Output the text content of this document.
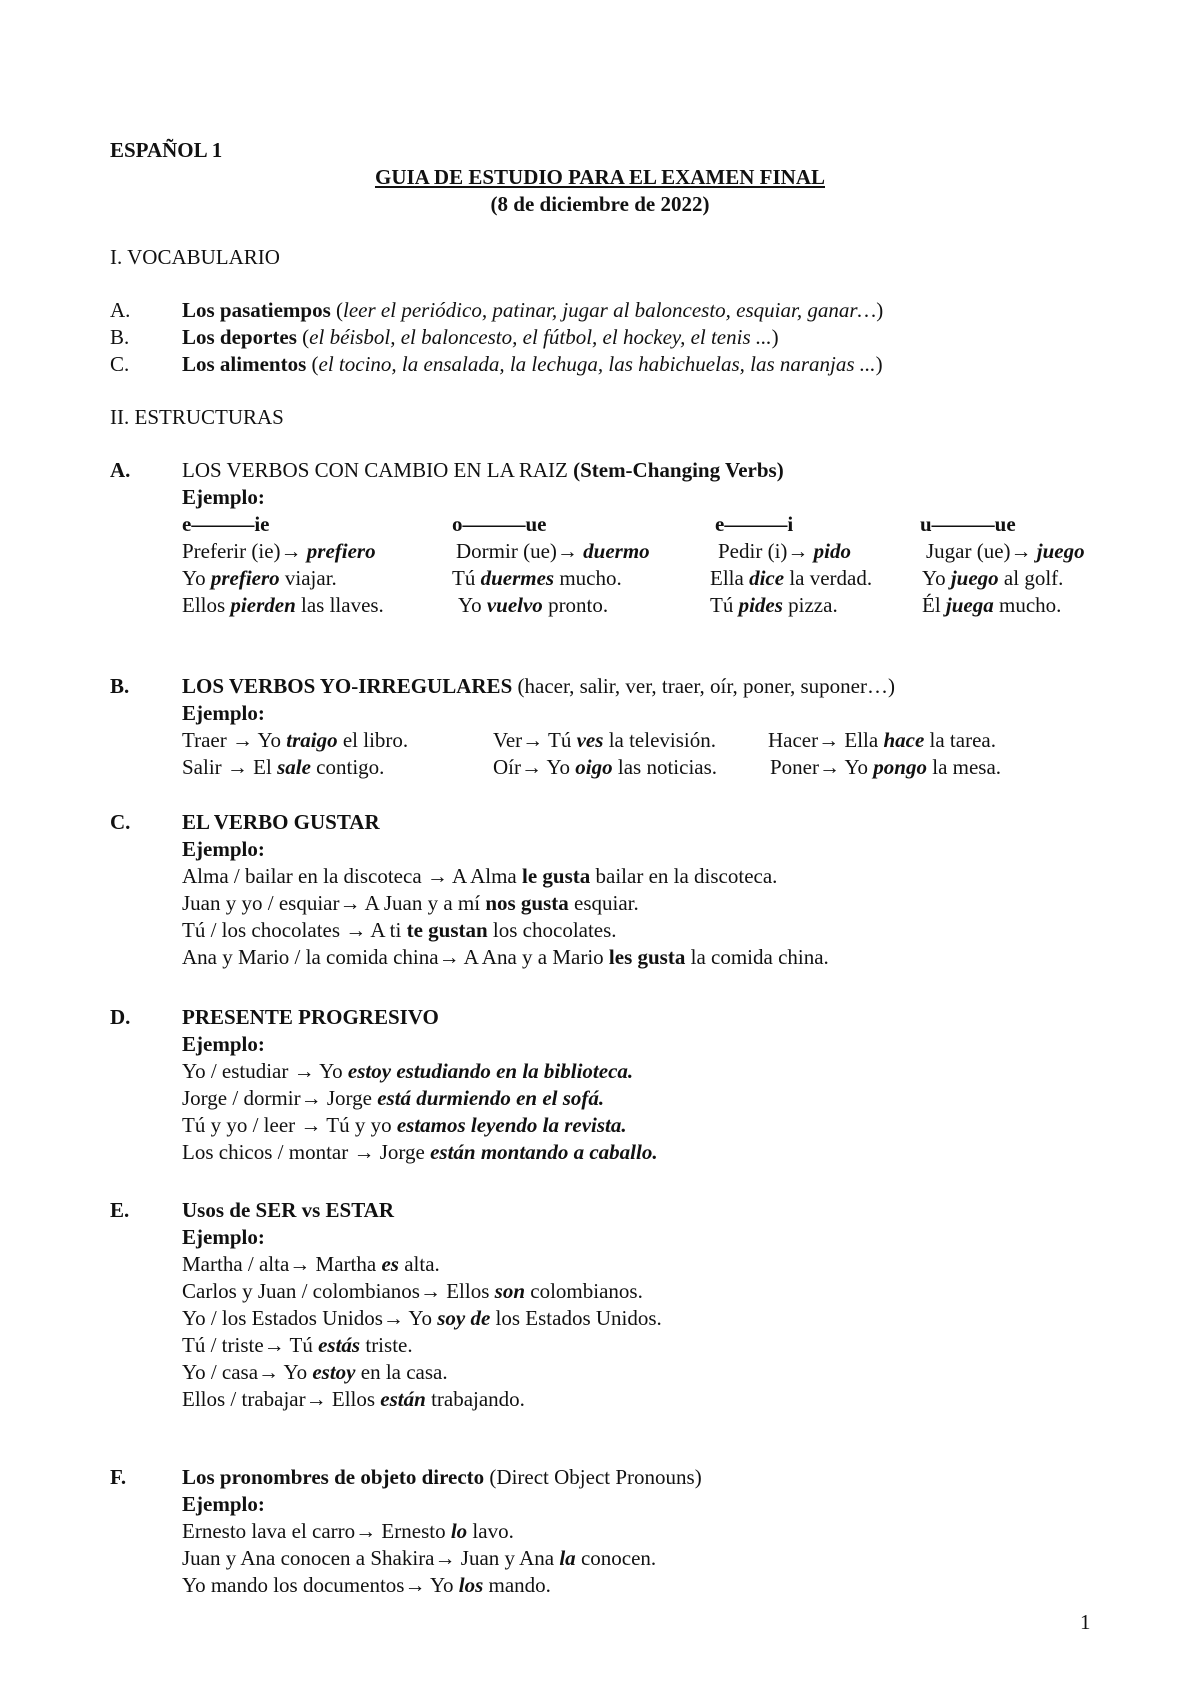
ESPAÑOL 1
GUIA DE ESTUDIO PARA EL EXAMEN FINAL
(8 de diciembre de 2022)
I. VOCABULARIO
A. Los pasatiempos (leer el periódico, patinar, jugar al baloncesto, esquiar, ganar…)
B.	Los deportes (el béisbol, el baloncesto, el fútbol, el hockey, el tenis ...)
C.	Los alimentos (el tocino, la ensalada, la lechuga, las habichuelas, las naranjas ...)
II. ESTRUCTURAS
A. LOS VERBOS CON CAMBIO EN LA RAIZ (Stem-Changing Verbs)
Ejemplo:
e———ie	o———ue	e———i	u———ue
Preferir (ie)→ prefiero	Dormir (ue)→ duermo	Pedir (i)→ pido	Jugar (ue)→ juego
Yo prefiero viajar.	Tú duermes mucho.	Ella dice la verdad. Yo juego al golf.
Ellos pierden las llaves.	Yo vuelvo pronto.	Tú pides pizza.	Él juega mucho.
B.	LOS VERBOS YO-IRREGULARES (hacer, salir, ver, traer, oír, poner, suponer…)
Ejemplo:
Traer → Yo traigo el libro.	Ver→ Tú ves la televisión. Hacer→ Ella hace la tarea.
Salir → El sale contigo.	Oír→ Yo oigo las noticias.	Poner→ Yo pongo la mesa.
C. EL VERBO GUSTAR
Ejemplo:
Alma / bailar en la discoteca → A Alma le gusta bailar en la discoteca.
Juan y yo / esquiar→ A Juan y a mí nos gusta esquiar.
Tú / los chocolates → A ti te gustan los chocolates.
Ana y Mario / la comida china→ A Ana y a Mario les gusta la comida china.
D. PRESENTE PROGRESIVO
Ejemplo:
Yo / estudiar → Yo estoy estudiando en la biblioteca.
Jorge / dormir→ Jorge está durmiendo en el sofá.
Tú y yo / leer → Tú y yo estamos leyendo la revista.
Los chicos / montar → Jorge están montando a caballo.
E.	Usos de SER vs ESTAR
Ejemplo:
Martha / alta→ Martha es alta.
Carlos y Juan / colombianos→ Ellos son colombianos.
Yo / los Estados Unidos→ Yo soy de los Estados Unidos.
Tú / triste→ Tú estás triste.
Yo / casa→ Yo estoy en la casa.
Ellos / trabajar→ Ellos están trabajando.
F.	Los pronombres de objeto directo (Direct Object Pronouns)
Ejemplo:
Ernesto lava el carro→ Ernesto lo lavo.
Juan y Ana conocen a Shakira→ Juan y Ana la conocen.
Yo mando los documentos→ Yo los mando.
1
